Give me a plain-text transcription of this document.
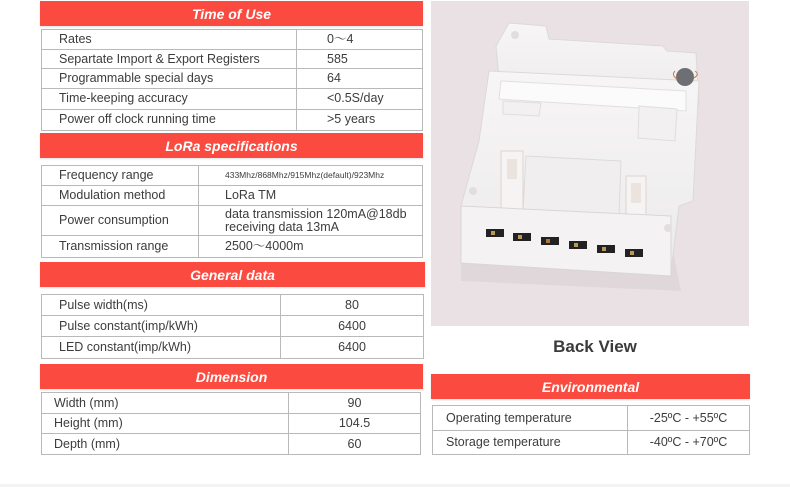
Time of Use
Rates	0～4
Separtate Import & Export Registers	585
Programmable special days	64
Time-keeping accuracy	<0.5S/day
Power off clock running time	>5 years
LoRa specifications
Frequency range	433Mhz/868Mhz/915Mhz(default)/923Mhz
Modulation method	LoRa TM
Power consumption	data transmission 120mA@18db
receiving data 13mA

Transmission range	2500～4000m
General data
Pulse width(ms)	80
Pulse constant(imp/kWh)	6400
LED constant(imp/kWh)	6400
Dimension
Width (mm)	90
Height (mm)	104.5
Depth (mm)	60
Back View
Environmental
Operating temperature	-25ºC - +55ºC
Storage temperature	-40ºC - +70ºC
